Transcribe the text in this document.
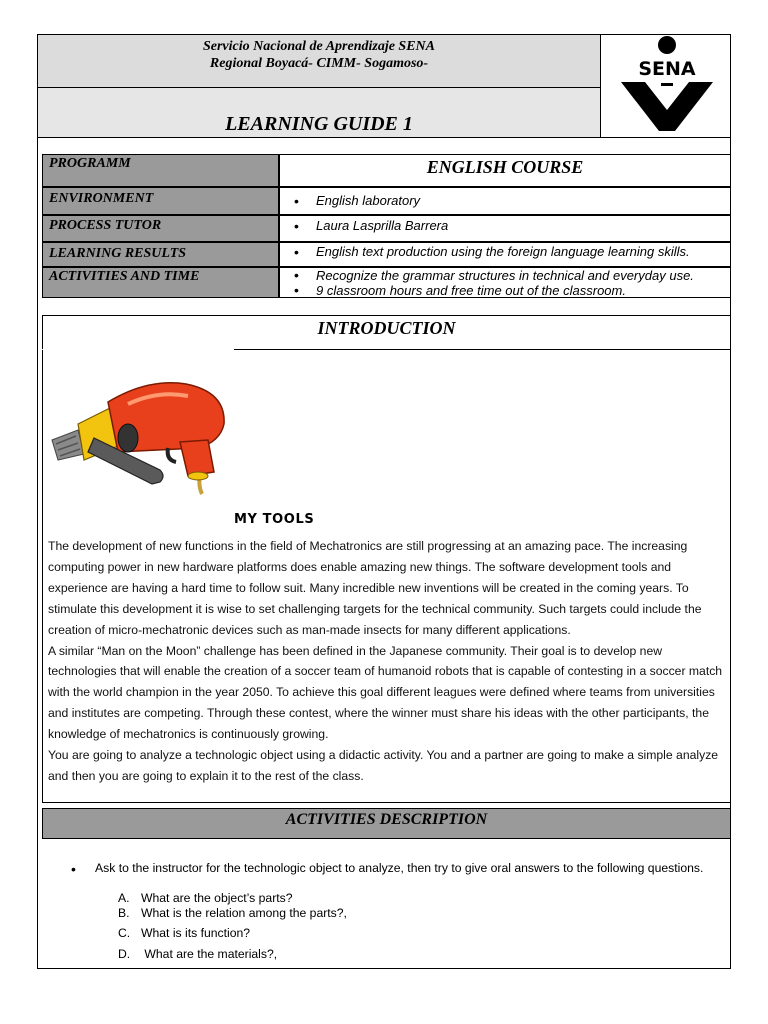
Servicio Nacional de Aprendizaje SENA
Regional Boyacá- CIMM- Sogamoso-
LEARNING GUIDE 1
SENA
PROGRAMM	ENGLISH COURSE
ENVIRONMENT	• English laboratory
PROCESS TUTOR	• Laura Lasprilla Barrera
LEARNING RESULTS	• English text production using the foreign language learning skills.
ACTIVITIES AND TIME	• Recognize the grammar structures in technical and everyday use.
• 9 classroom hours and free time out of the classroom.
INTRODUCTION
MY TOOLS

The development of new functions in the field of Mechatronics are still progressing at an amazing pace. The increasing computing power in new hardware platforms does enable amazing new things. The software development tools and experience are having a hard time to follow suit. Many incredible new inventions will be created in the coming years. To stimulate this development it is wise to set challenging targets for the technical community. Such targets could include the creation of micro-mechatronic devices such as man-made insects for many different applications.

A similar “Man on the Moon” challenge has been defined in the Japanese community. Their goal is to develop new technologies that will enable the creation of a soccer team of humanoid robots that is capable of contesting in a soccer match with the world champion in the year 2050. To achieve this goal different leagues were defined where teams from universities and institutes are competing. Through these contest, where the winner must share his ideas with the other participants, the knowledge of mechatronics is continuously growing.

You are going to analyze a technologic object using a didactic activity. You and a partner are going to make a simple analyze and then you are going to explain it to the rest of the class.

ACTIVITIES DESCRIPTION
• Ask to the instructor for the technologic object to analyze, then try to give oral answers to the following questions.
A. What are the object’s parts?
B. What is the relation among the parts?,
C. What is its function?
D. What are the materials?,
